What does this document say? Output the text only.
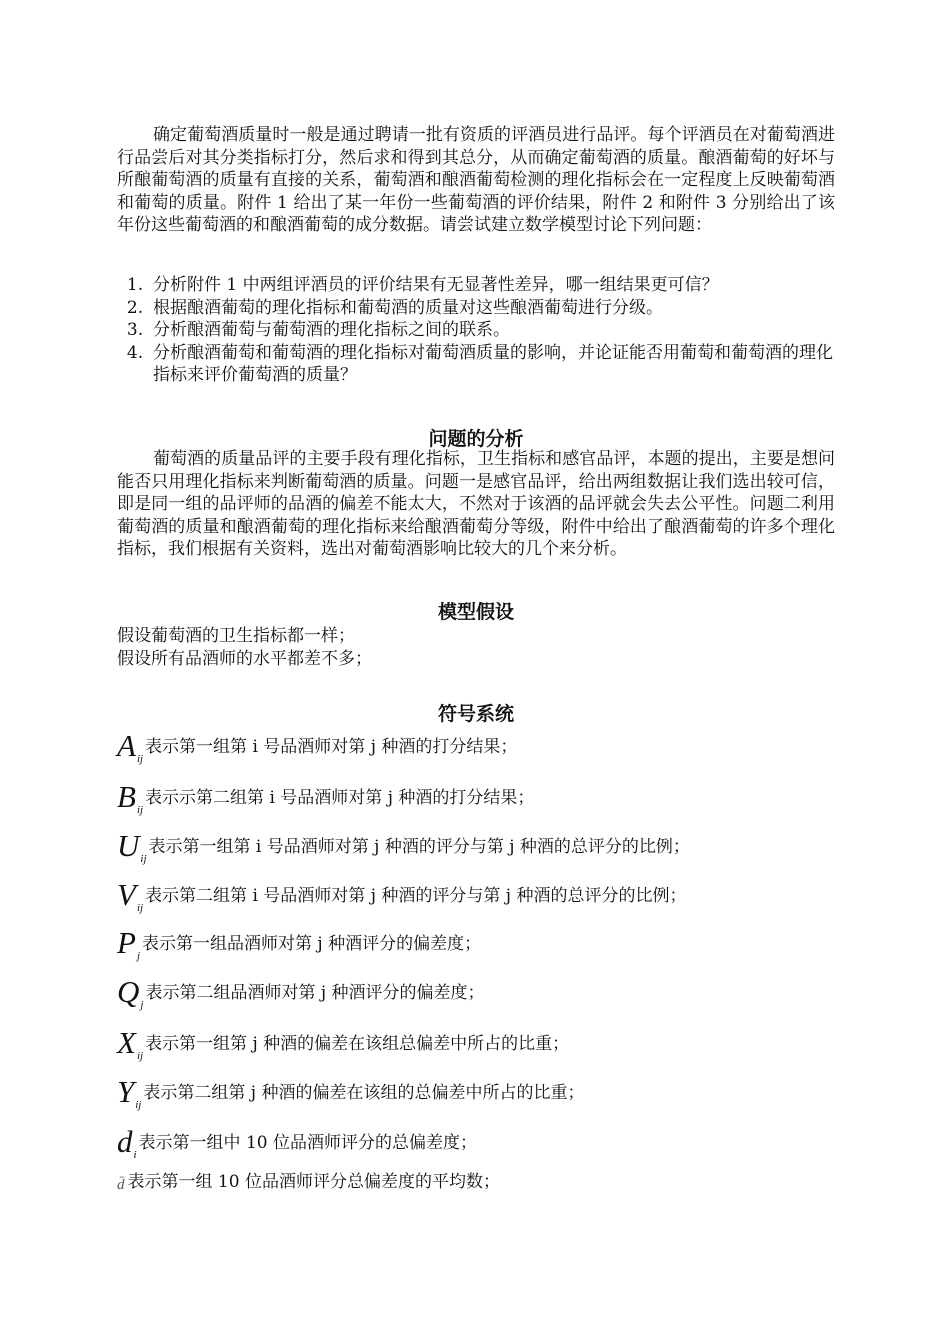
确定葡萄酒质量时一般是通过聘请一批有资质的评酒员进行品评。每个评酒员在对葡萄酒进行品尝后对其分类指标打分，然后求和得到其总分，从而确定葡萄酒的质量。酿酒葡萄的好坏与所酿葡萄酒的质量有直接的关系，葡萄酒和酿酒葡萄检测的理化指标会在一定程度上反映葡萄酒和葡萄的质量。附件 1 给出了某一年份一些葡萄酒的评价结果，附件 2 和附件 3 分别给出了该年份这些葡萄酒的和酿酒葡萄的成分数据。请尝试建立数学模型讨论下列问题：

1. 分析附件 1 中两组评酒员的评价结果有无显著性差异，哪一组结果更可信？
2. 根据酿酒葡萄的理化指标和葡萄酒的质量对这些酿酒葡萄进行分级。
3. 分析酿酒葡萄与葡萄酒的理化指标之间的联系。
4. 分析酿酒葡萄和葡萄酒的理化指标对葡萄酒质量的影响，并论证能否用葡萄和葡萄酒的理化指标来评价葡萄酒的质量？
问题的分析

葡萄酒的质量品评的主要手段有理化指标，卫生指标和感官品评，本题的提出，主要是想问能否只用理化指标来判断葡萄酒的质量。问题一是感官品评，给出两组数据让我们选出较可信，即是同一组的品评师的品酒的偏差不能太大，不然对于该酒的品评就会失去公平性。问题二利用葡萄酒的质量和酿酒葡萄的理化指标来给酿酒葡萄分等级，附件中给出了酿酒葡萄的许多个理化指标，我们根据有关资料，选出对葡萄酒影响比较大的几个来分析。

模型假设

假设葡萄酒的卫生指标都一样；

假设所有品酒师的水平都差不多；

符号系统
A ij
表示第一组第 i 号品酒师对第 j 种酒的打分结果；
B ij
表示示第二组第 i 号品酒师对第 j 种酒的打分结果；
U ij
表示第一组第 i 号品酒师对第 j 种酒的评分与第 j 种酒的总评分的比例；
V ij
表示第二组第 i 号品酒师对第 j 种酒的评分与第 j 种酒的总评分的比例；
P j
表示第一组品酒师对第 j 种酒评分的偏差度；
Q j
表示第二组品酒师对第 j 种酒评分的偏差度；
X ij
表示第一组第 j 种酒的偏差在该组总偏差中所占的比重；
Y ij
表示第二组第 j 种酒的偏差在该组的总偏差中所占的比重；
d i
表示第一组中 10 位品酒师评分的总偏差度；
d̄ 表示第一组 10 位品酒师评分总偏差度的平均数；
